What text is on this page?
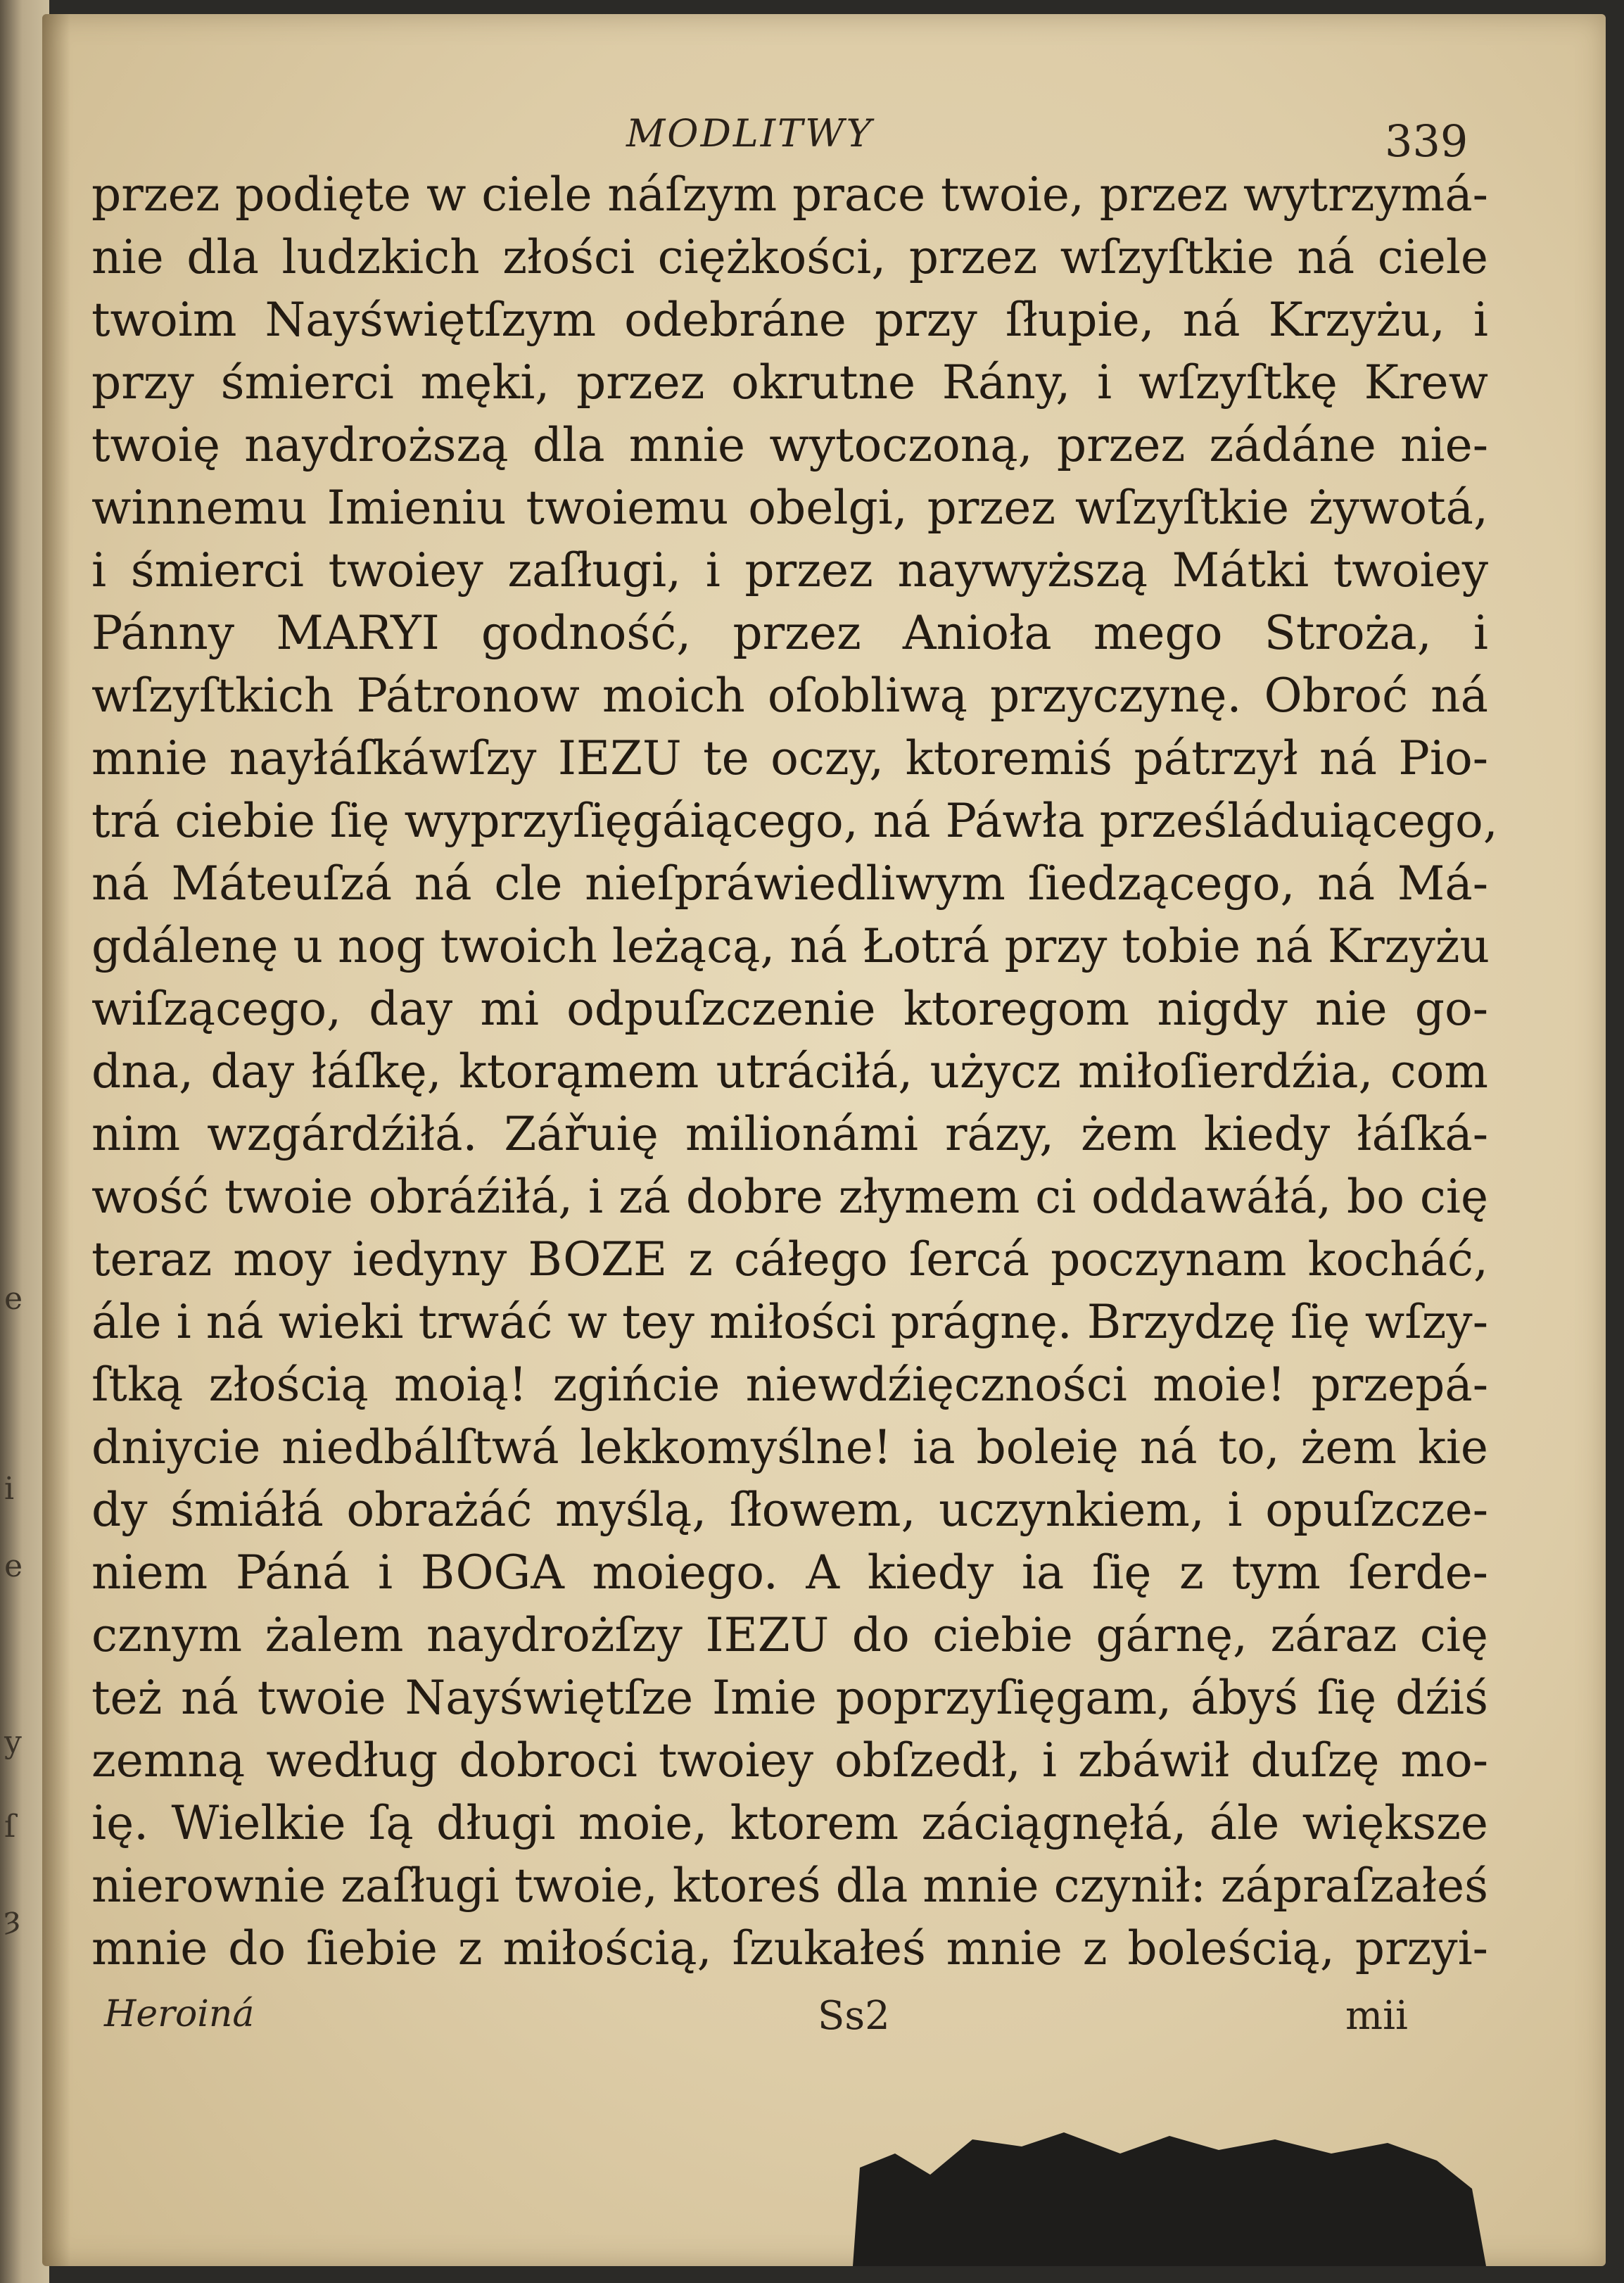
e
i
e
y
ſ
ȝ
MODLITWY	339
przez podięte w ciele náſzym prace twoie, przez wytrzymá-
nie dla ludzkich złości ciężkości, przez wſzyſtkie ná ciele
twoim Nayświętſzym odebráne przy ſłupie, ná Krzyżu, i
przy śmierci męki, przez okrutne Rány, i wſzyſtkę Krew
twoię naydroższą dla mnie wytoczoną, przez zádáne nie-
winnemu Imieniu twoiemu obelgi, przez wſzyſtkie żywotá,
i śmierci twoiey zaſługi, i przez naywyższą Mátki twoiey
Pánny MARYI godność, przez Anioła mego Stroża, i
wſzyſtkich Pátronow moich oſobliwą przyczynę. Obroć ná
mnie nayłáſkáwſzy IEZU te oczy, ktoremiś pátrzył ná Pio-
trá ciebie ſię wyprzyſięgáiącego, ná Páwła prześláduiącego,
ná Máteuſzá ná cle nieſpráwiedliwym ſiedzącego, ná Má-
gdálenę u nog twoich leżącą, ná Łotrá przy tobie ná Krzyżu
wiſzącego, day mi odpuſzczenie ktoregom nigdy nie go-
dna, day łáſkę, ktorąmem utráciłá, użycz miłoſierdźia, com
nim wzgárdźiłá. Zářuię milionámi rázy, żem kiedy łáſká-
wość twoie obráźiłá, i zá dobre złymem ci oddawáłá, bo cię
teraz moy iedyny BOZE z cáłego ſercá poczynam kocháć,
ále i ná wieki trwáć w tey miłości prágnę. Brzydzę ſię wſzy-
ſtką złością moią! zgińcie niewdźięczności moie! przepá-
dniycie niedbálſtwá lekkomyślne! ia boleię ná to, żem kie
dy śmiáłá obrażáć myślą, ſłowem, uczynkiem, i opuſzcze-
niem Páná i BOGA moiego. A kiedy ia ſię z tym ſerde-
cznym żalem naydrożſzy IEZU do ciebie gárnę, záraz cię
też ná twoie Nayświętſze Imie poprzyſięgam, ábyś ſię dźiś
zemną według dobroci twoiey obſzedł, i zbáwił duſzę mo-
ię. Wielkie ſą długi moie, ktorem záciągnęłá, ále większe
nierownie zaſługi twoie, ktoreś dla mnie czynił: zápraſzałeś
mnie do ſiebie z miłością, ſzukałeś mnie z boleścią, przyi-
Heroiná	Ss2	mii
